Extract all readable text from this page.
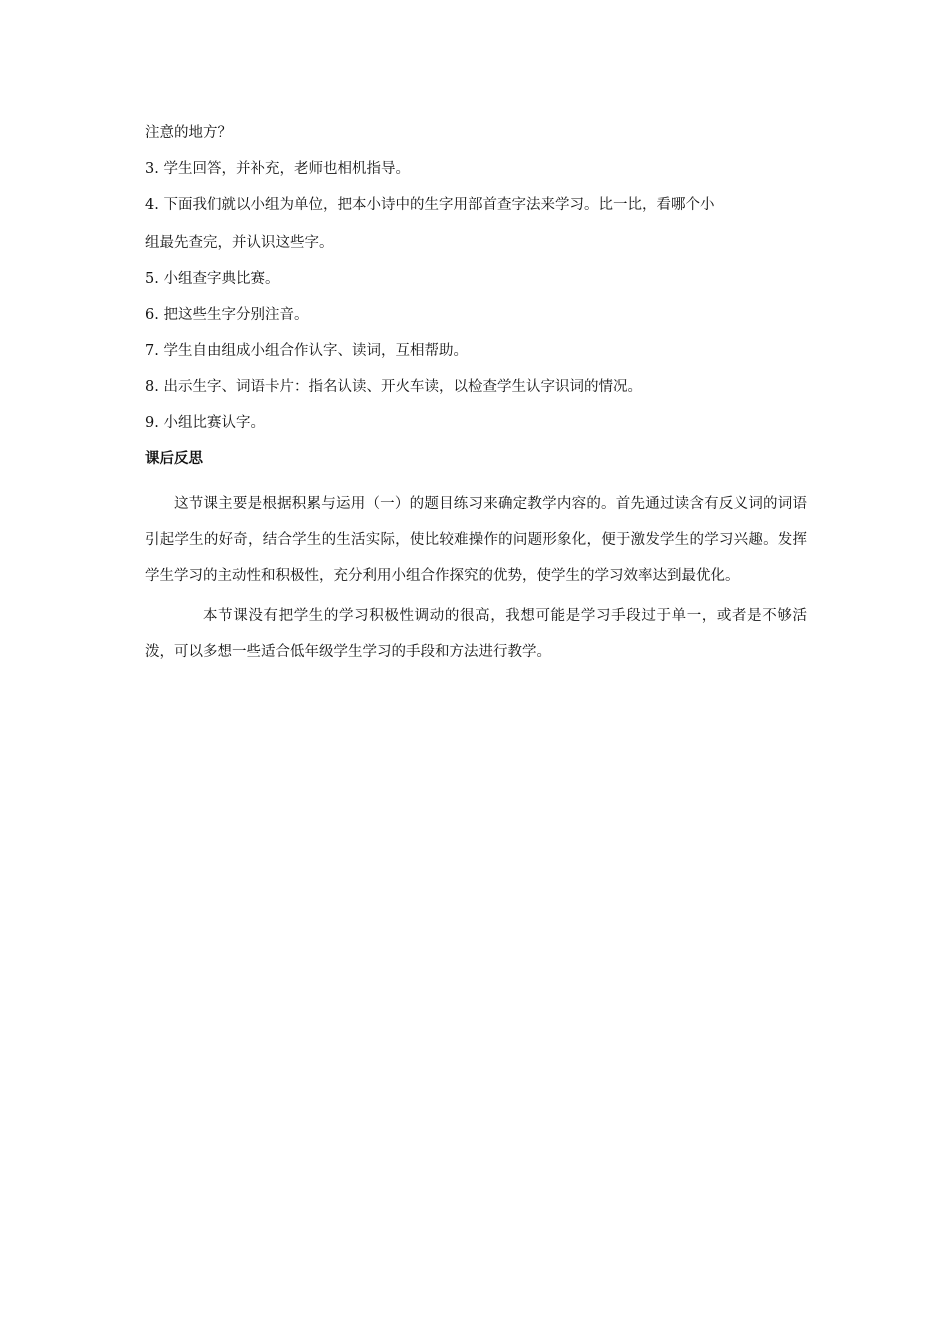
注意的地方？

3. 学生回答，并补充，老师也相机指导。

4. 下面我们就以小组为单位，把本小诗中的生字用部首查字法来学习。比一比，看哪个小

组最先查完，并认识这些字。

5. 小组查字典比赛。

6. 把这些生字分别注音。

7. 学生自由组成小组合作认字、读词，互相帮助。

8. 出示生字、词语卡片：指名认读、开火车读，以检查学生认字识词的情况。

9. 小组比赛认字。

课后反思

这节课主要是根据积累与运用（一）的题目练习来确定教学内容的。首先通过读含有反义词的词语引起学生的好奇，结合学生的生活实际，使比较难操作的问题形象化，便于激发学生的学习兴趣。发挥学生学习的主动性和积极性，充分利用小组合作探究的优势，使学生的学习效率达到最优化。

本节课没有把学生的学习积极性调动的很高，我想可能是学习手段过于单一，或者是不够活泼，可以多想一些适合低年级学生学习的手段和方法进行教学。
